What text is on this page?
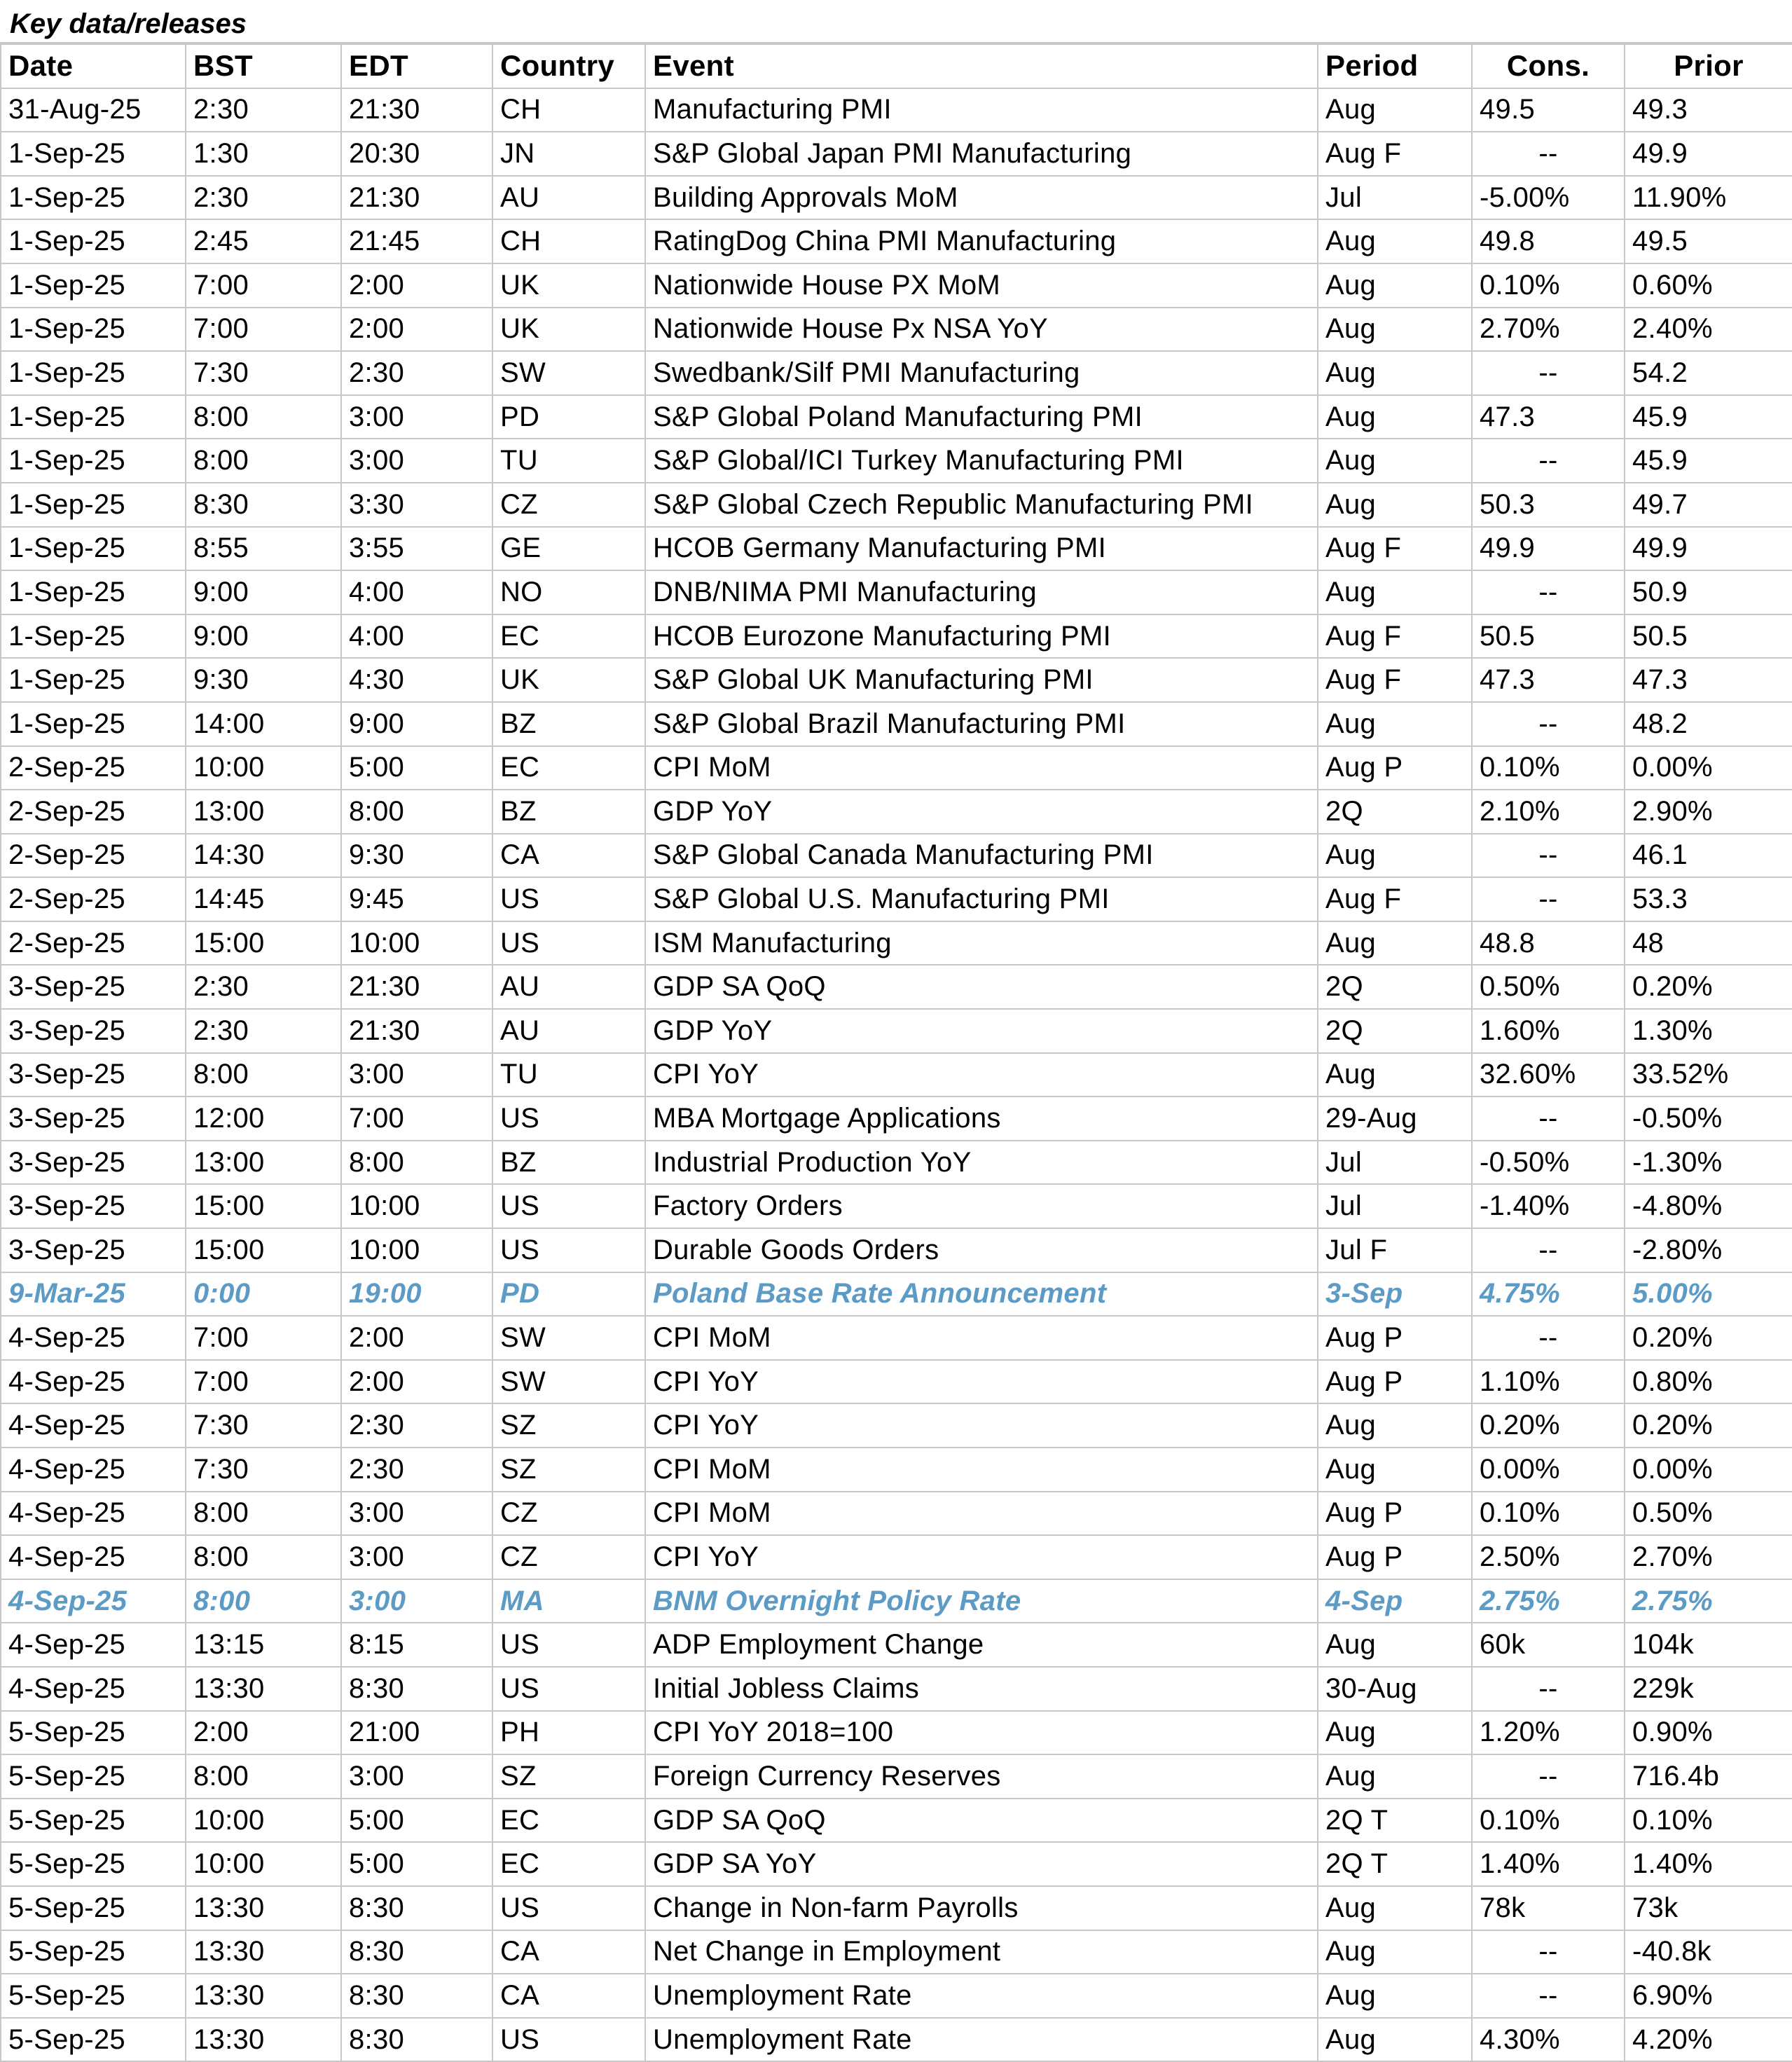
Key data/releases
Date	BST	EDT	Country	Event	Period	Cons.	Prior
31-Aug-25	2:30	21:30	CH	Manufacturing PMI	Aug	49.5	49.3
1-Sep-25	1:30	20:30	JN	S&P Global Japan PMI Manufacturing	Aug F	--	49.9
1-Sep-25	2:30	21:30	AU	Building Approvals MoM	Jul	-5.00%	11.90%
1-Sep-25	2:45	21:45	CH	RatingDog China PMI Manufacturing	Aug	49.8	49.5
1-Sep-25	7:00	2:00	UK	Nationwide House PX MoM	Aug	0.10%	0.60%
1-Sep-25	7:00	2:00	UK	Nationwide House Px NSA YoY	Aug	2.70%	2.40%
1-Sep-25	7:30	2:30	SW	Swedbank/Silf PMI Manufacturing	Aug	--	54.2
1-Sep-25	8:00	3:00	PD	S&P Global Poland Manufacturing PMI	Aug	47.3	45.9
1-Sep-25	8:00	3:00	TU	S&P Global/ICI Turkey Manufacturing PMI	Aug	--	45.9
1-Sep-25	8:30	3:30	CZ	S&P Global Czech Republic Manufacturing PMI	Aug	50.3	49.7
1-Sep-25	8:55	3:55	GE	HCOB Germany Manufacturing PMI	Aug F	49.9	49.9
1-Sep-25	9:00	4:00	NO	DNB/NIMA PMI Manufacturing	Aug	--	50.9
1-Sep-25	9:00	4:00	EC	HCOB Eurozone Manufacturing PMI	Aug F	50.5	50.5
1-Sep-25	9:30	4:30	UK	S&P Global UK Manufacturing PMI	Aug F	47.3	47.3
1-Sep-25	14:00	9:00	BZ	S&P Global Brazil Manufacturing PMI	Aug	--	48.2
2-Sep-25	10:00	5:00	EC	CPI MoM	Aug P	0.10%	0.00%
2-Sep-25	13:00	8:00	BZ	GDP YoY	2Q	2.10%	2.90%
2-Sep-25	14:30	9:30	CA	S&P Global Canada Manufacturing PMI	Aug	--	46.1
2-Sep-25	14:45	9:45	US	S&P Global U.S. Manufacturing PMI	Aug F	--	53.3
2-Sep-25	15:00	10:00	US	ISM Manufacturing	Aug	48.8	48
3-Sep-25	2:30	21:30	AU	GDP SA QoQ	2Q	0.50%	0.20%
3-Sep-25	2:30	21:30	AU	GDP YoY	2Q	1.60%	1.30%
3-Sep-25	8:00	3:00	TU	CPI YoY	Aug	32.60%	33.52%
3-Sep-25	12:00	7:00	US	MBA Mortgage Applications	29-Aug	--	-0.50%
3-Sep-25	13:00	8:00	BZ	Industrial Production YoY	Jul	-0.50%	-1.30%
3-Sep-25	15:00	10:00	US	Factory Orders	Jul	-1.40%	-4.80%
3-Sep-25	15:00	10:00	US	Durable Goods Orders	Jul F	--	-2.80%
9-Mar-25	0:00	19:00	PD	Poland Base Rate Announcement	3-Sep	4.75%	5.00%
4-Sep-25	7:00	2:00	SW	CPI MoM	Aug P	--	0.20%
4-Sep-25	7:00	2:00	SW	CPI YoY	Aug P	1.10%	0.80%
4-Sep-25	7:30	2:30	SZ	CPI YoY	Aug	0.20%	0.20%
4-Sep-25	7:30	2:30	SZ	CPI MoM	Aug	0.00%	0.00%
4-Sep-25	8:00	3:00	CZ	CPI MoM	Aug P	0.10%	0.50%
4-Sep-25	8:00	3:00	CZ	CPI YoY	Aug P	2.50%	2.70%
4-Sep-25	8:00	3:00	MA	BNM Overnight Policy Rate	4-Sep	2.75%	2.75%
4-Sep-25	13:15	8:15	US	ADP Employment Change	Aug	60k	104k
4-Sep-25	13:30	8:30	US	Initial Jobless Claims	30-Aug	--	229k
5-Sep-25	2:00	21:00	PH	CPI YoY 2018=100	Aug	1.20%	0.90%
5-Sep-25	8:00	3:00	SZ	Foreign Currency Reserves	Aug	--	716.4b
5-Sep-25	10:00	5:00	EC	GDP SA QoQ	2Q T	0.10%	0.10%
5-Sep-25	10:00	5:00	EC	GDP SA YoY	2Q T	1.40%	1.40%
5-Sep-25	13:30	8:30	US	Change in Non-farm Payrolls	Aug	78k	73k
5-Sep-25	13:30	8:30	CA	Net Change in Employment	Aug	--	-40.8k
5-Sep-25	13:30	8:30	CA	Unemployment Rate	Aug	--	6.90%
5-Sep-25	13:30	8:30	US	Unemployment Rate	Aug	4.30%	4.20%
